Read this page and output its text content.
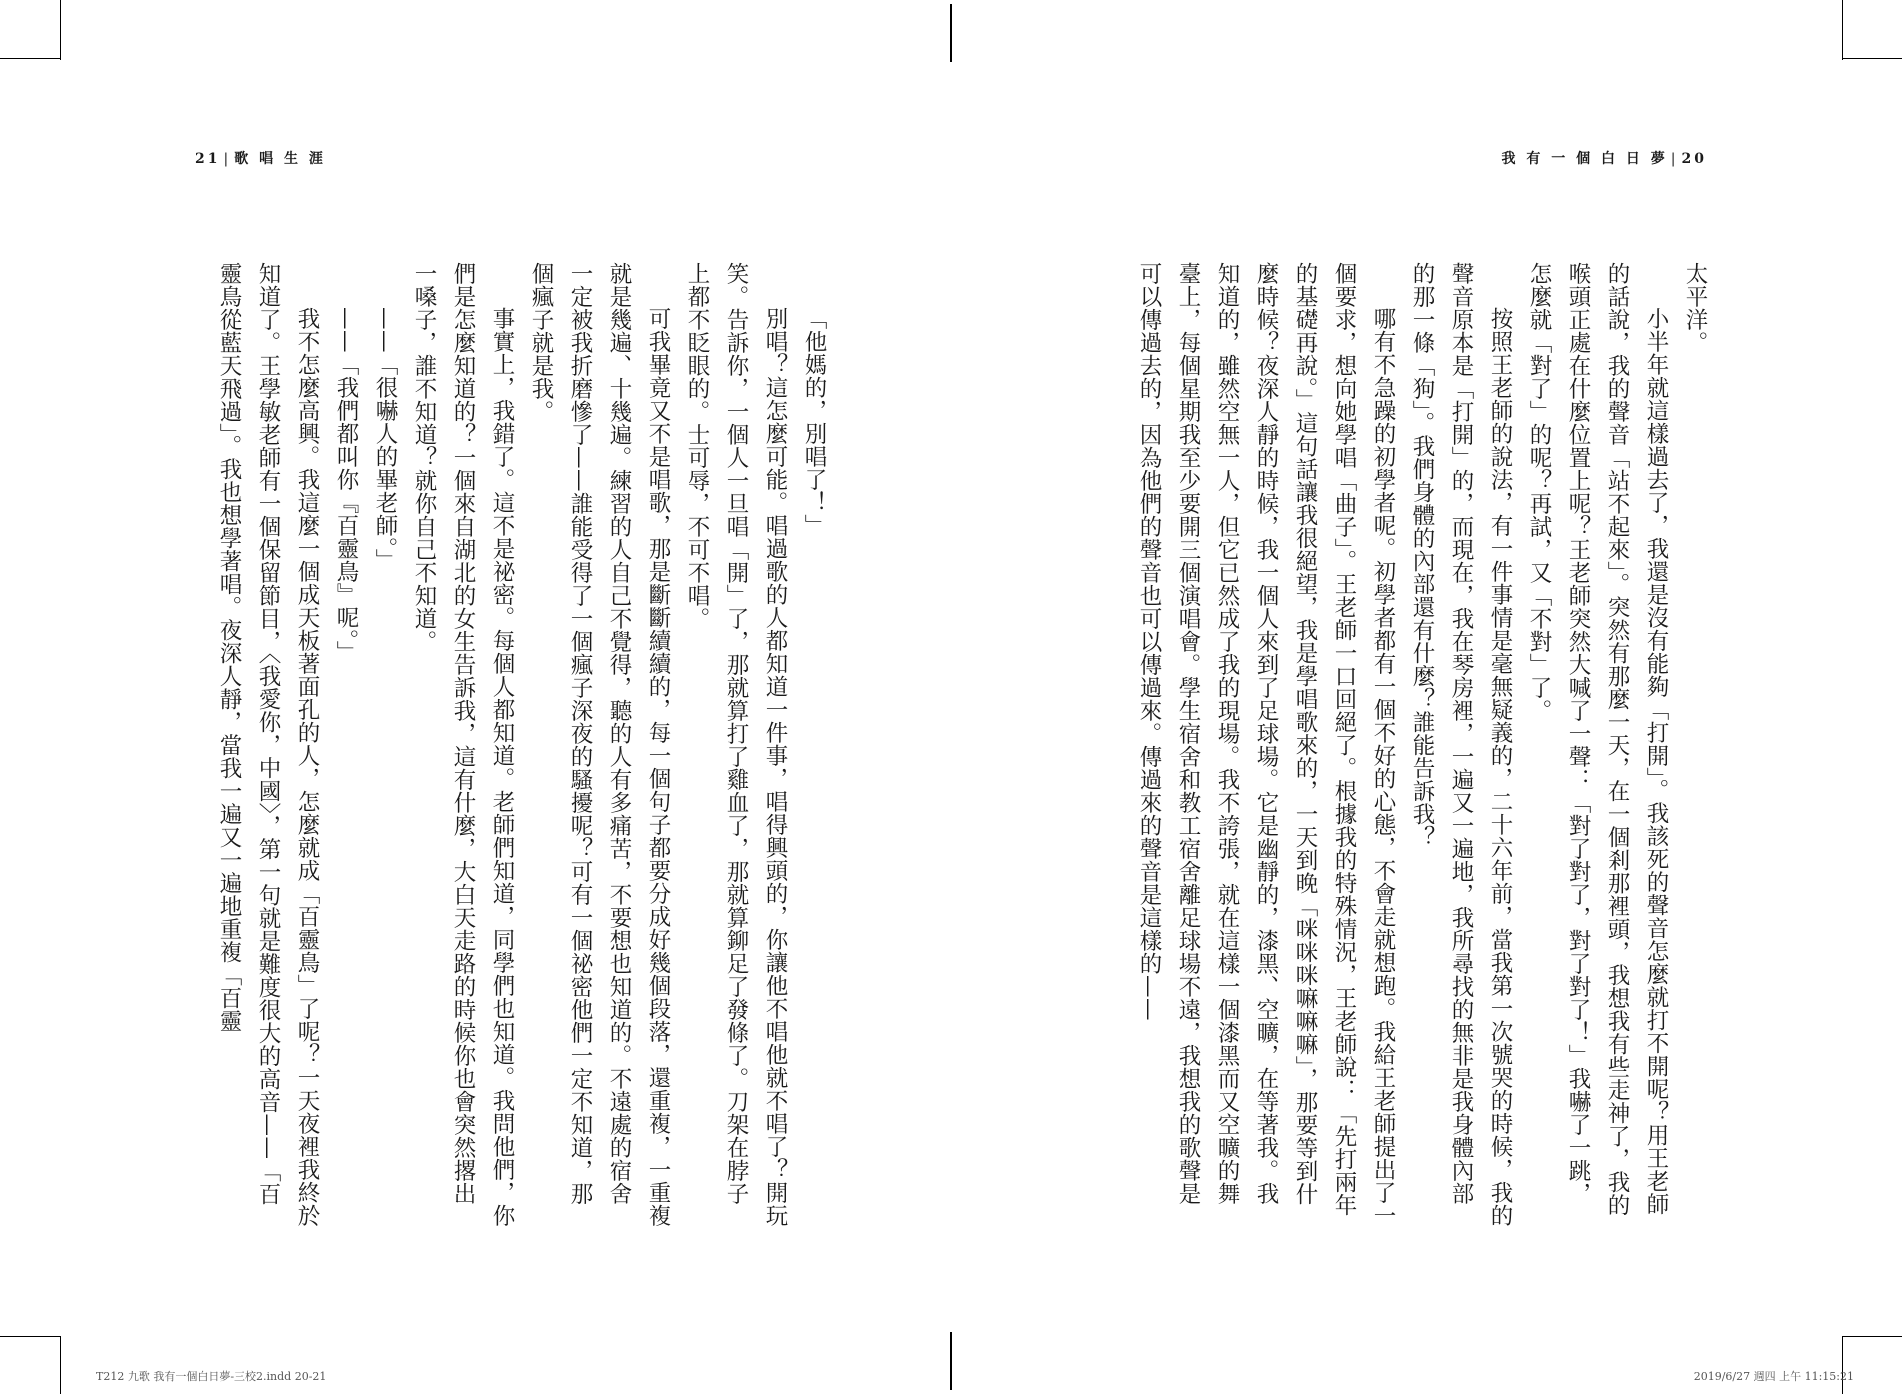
21 | 歌 唱 生 涯	我 有 一 個 白 日 夢 | 20

太平洋。

小半年就這樣過去了，我還是沒有能夠「打開」。我該死的聲音怎麼就打不開呢？用王老師的話說，我的聲音「站不起來」。突然有那麼一天，在一個剎那裡頭，我想我有些走神了，我的喉頭正處在什麼位置上呢？王老師突然大喊了一聲：「對了對了，對了對了！」我嚇了一跳，怎麼就「對了」的呢？再試，又「不對」了。

按照王老師的說法，有一件事情是毫無疑義的，二十六年前，當我第一次號哭的時候，我的聲音原本是「打開」的，而現在，我在琴房裡，一遍又一遍地，我所尋找的無非是我身體內部的那一條「狗」。我們身體的內部還有什麼？誰能告訴我？

哪有不急躁的初學者呢。初學者都有一個不好的心態，不會走就想跑。我給王老師提出了一個要求，想向她學唱「曲子」。王老師一口回絕了。根據我的特殊情況，王老師說：「先打兩年的基礎再說。」這句話讓我很絕望，我是學唱歌來的，一天到晚「咪咪咪嘛嘛嘛」，那要等到什麼時候？夜深人靜的時候，我一個人來到了足球場。它是幽靜的，漆黑、空曠，在等著我。我知道的，雖然空無一人，但它已然成了我的現場。我不誇張，就在這樣一個漆黑而又空曠的舞臺上，每個星期我至少要開三個演唱會。學生宿舍和教工宿舍離足球場不遠，我想我的歌聲是可以傳過去的，因為他們的聲音也可以傳過來。傳過來的聲音是這樣的——

「他媽的，別唱了！」

別唱？這怎麼可能。唱過歌的人都知道一件事，唱得興頭的，你讓他不唱他就不唱了？開玩笑。告訴你，一個人一旦唱「開」了，那就算打了雞血了，那就算鉚足了發條了。刀架在脖子上都不眨眼的。士可辱，不可不唱。

可我畢竟又不是唱歌，那是斷斷續續的，每一個句子都要分成好幾個段落，還重複，一重複就是幾遍、十幾遍。練習的人自己不覺得，聽的人有多痛苦，不要想也知道的。不遠處的宿舍一定被我折磨慘了——誰能受得了一個瘋子深夜的騷擾呢？可有一個祕密他們一定不知道，那個瘋子就是我。

事實上，我錯了。這不是祕密。每個人都知道。老師們知道，同學們也知道。我問他們，你們是怎麼知道的？一個來自湖北的女生告訴我，這有什麼，大白天走路的時候你也會突然撂出一嗓子，誰不知道？就你自己不知道。

——「很嚇人的畢老師。」

——「我們都叫你『百靈鳥』呢。」

我不怎麼高興。我這麼一個成天板著面孔的人，怎麼就成「百靈鳥」了呢？一天夜裡我終於知道了。王學敏老師有一個保留節目，〈我愛你，中國〉，第一句就是難度很大的高音——「百靈鳥從藍天飛過」。我也想學著唱。夜深人靜，當我一遍又一遍地重複「百靈

T212 九歌 我有一個白日夢-三校2.indd 20-21	2019/6/27 週四 上午 11:15:21
